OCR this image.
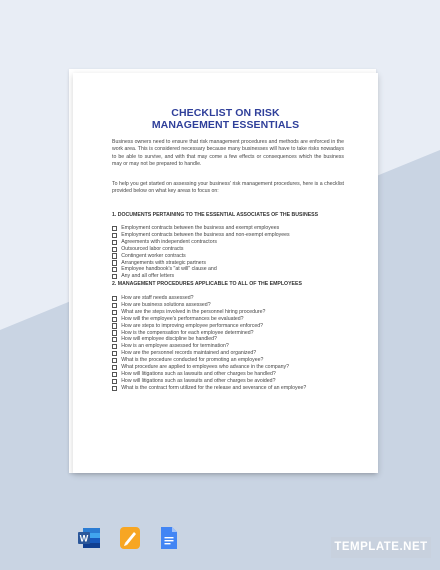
CHECKLIST ON RISK
MANAGEMENT ESSENTIALS
Business owners need to ensure that risk management procedures and methods are enforced in the work area. This is considered necessary because many businesses will have to take risks nowadays to be able to survive, and with that may come a few effects or consequences which the business may or may not be prepared to handle.
To help you get started on assessing your business' risk management procedures, here is a checklist provided below on what key areas to focus on:
1. DOCUMENTS PERTAINING TO THE ESSENTIAL ASSOCIATES OF THE BUSINESS
Employment contracts between the business and exempt employees
Employment contracts between the business and non-exempt employees
Agreements with independent contractors
Outsourced labor contracts
Contingent worker contracts
Arrangements with strategic partners
Employee handbook's "at will" clause and
Any and all offer letters
2. MANAGEMENT PROCEDURES APPLICABLE TO ALL OF THE EMPLOYEES
How are staff needs assessed?
How are business solutions assessed?
What are the steps involved in the personnel hiring procedure?
How will the employee's performances be evaluated?
How are steps to improving employee performance enforced?
How is the compensation for each employee determined?
How will employee discipline be handled?
How is an employee assessed for termination?
How are the personnel records maintained and organized?
What is the procedure conducted for promoting an employee?
What procedure are applied to employees who advance in the company?
How will litigations such as lawsuits and other charges be handled?
How will litigations such as lawsuits and other charges be avoided?
What is the contract form utilized for the release and severance of an employee?
W
TEMPLATE.NET
